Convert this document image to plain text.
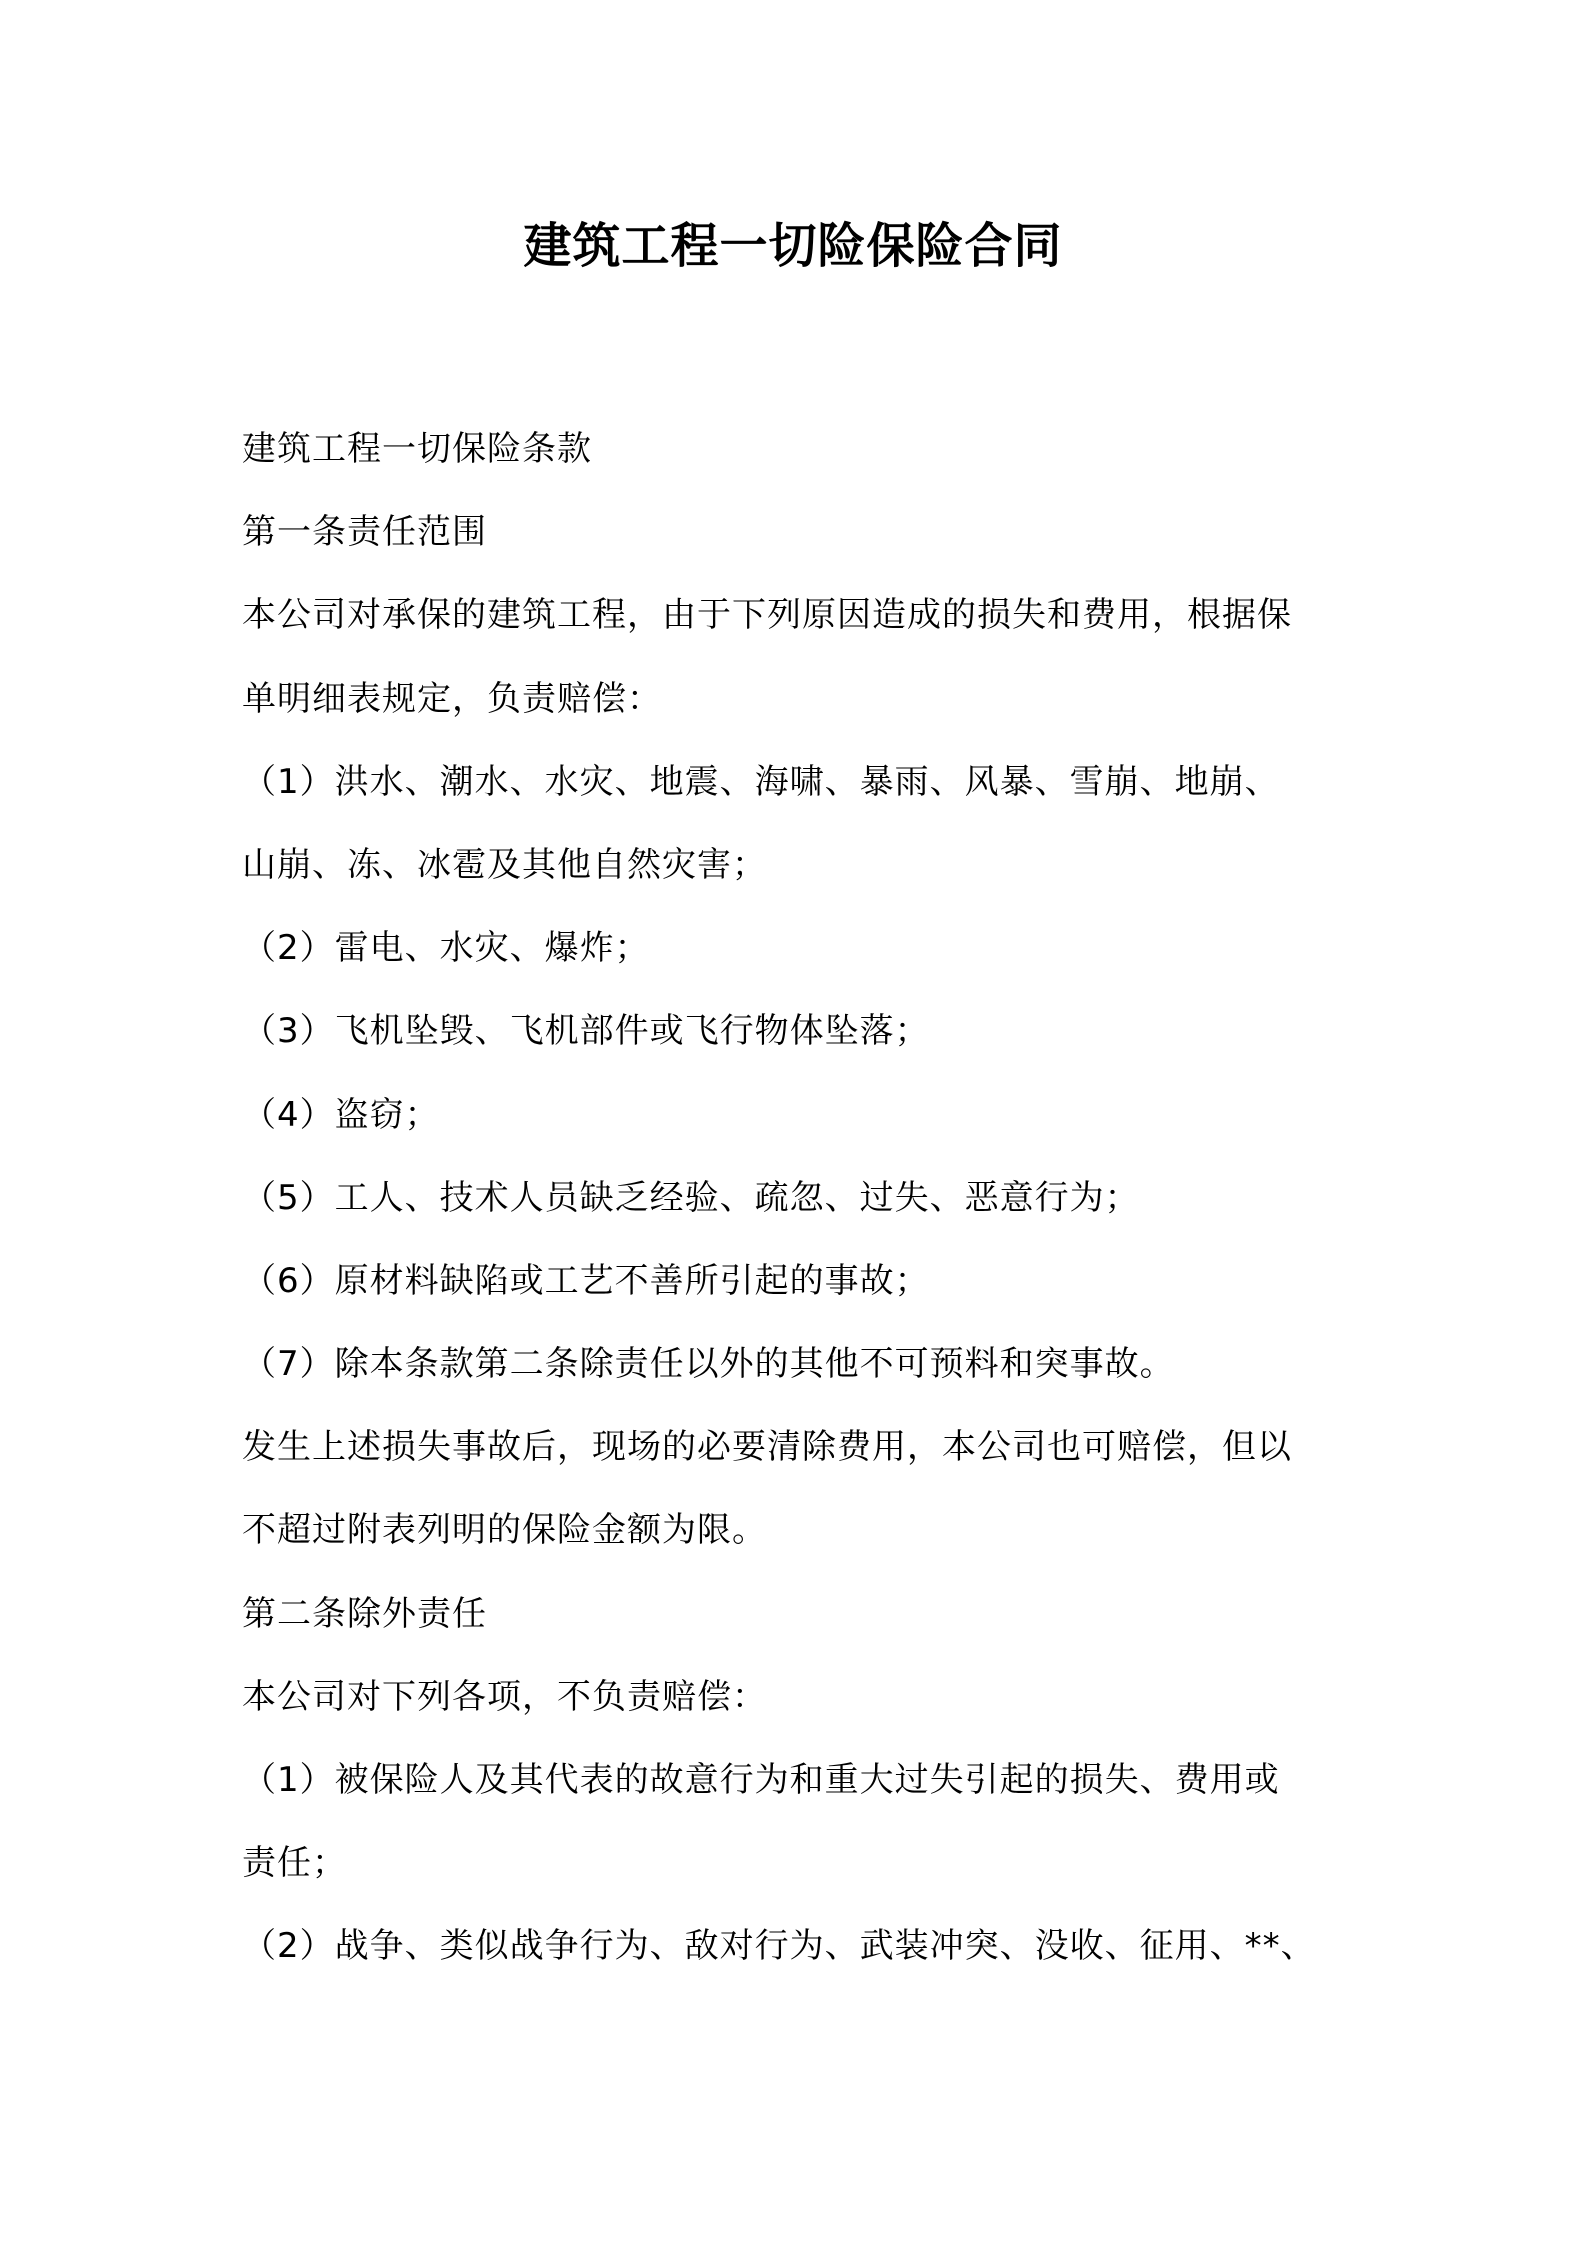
建筑工程一切险保险合同
建筑工程一切保险条款
第一条责任范围
本公司对承保的建筑工程，由于下列原因造成的损失和费用，根据保
单明细表规定，负责赔偿：
（1）洪水、潮水、水灾、地震、海啸、暴雨、风暴、雪崩、地崩、
山崩、冻、冰雹及其他自然灾害；
（2）雷电、水灾、爆炸；
（3）飞机坠毁、飞机部件或飞行物体坠落；
（4）盗窃；
（5）工人、技术人员缺乏经验、疏忽、过失、恶意行为；
（6）原材料缺陷或工艺不善所引起的事故；
（7）除本条款第二条除责任以外的其他不可预料和突事故。
发生上述损失事故后，现场的必要清除费用，本公司也可赔偿，但以
不超过附表列明的保险金额为限。
第二条除外责任
本公司对下列各项，不负责赔偿：
（1）被保险人及其代表的故意行为和重大过失引起的损失、费用或
责任；
（2）战争、类似战争行为、敌对行为、武装冲突、没收、征用、**、
